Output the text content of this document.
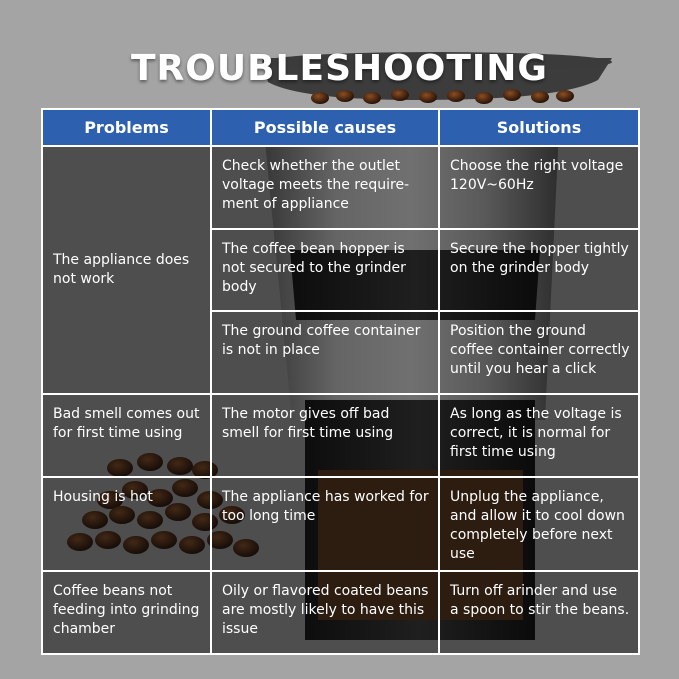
TROUBLESHOOTING
Problems	Possible causes	Solutions
The appliance does not work	Check whether the outlet voltage meets the require-ment of appliance	Choose the right voltage 120V~60Hz
	The coffee bean hopper is not secured to the grinder body	Secure the hopper tightly on the grinder body
	The ground coffee container is not in place	Position the ground coffee container correctly until you hear a click
Bad smell comes out for first time using	The motor gives off bad smell for first time using	As long as the voltage is correct, it is normal for first time using
Housing is hot	The appliance has worked for too long time	Unplug the appliance, and allow it to cool down completely before next use
Coffee beans not feeding into grinding chamber	Oily or flavored coated beans are mostly likely to have this issue	Turn off arinder and use a spoon to stir the beans.
